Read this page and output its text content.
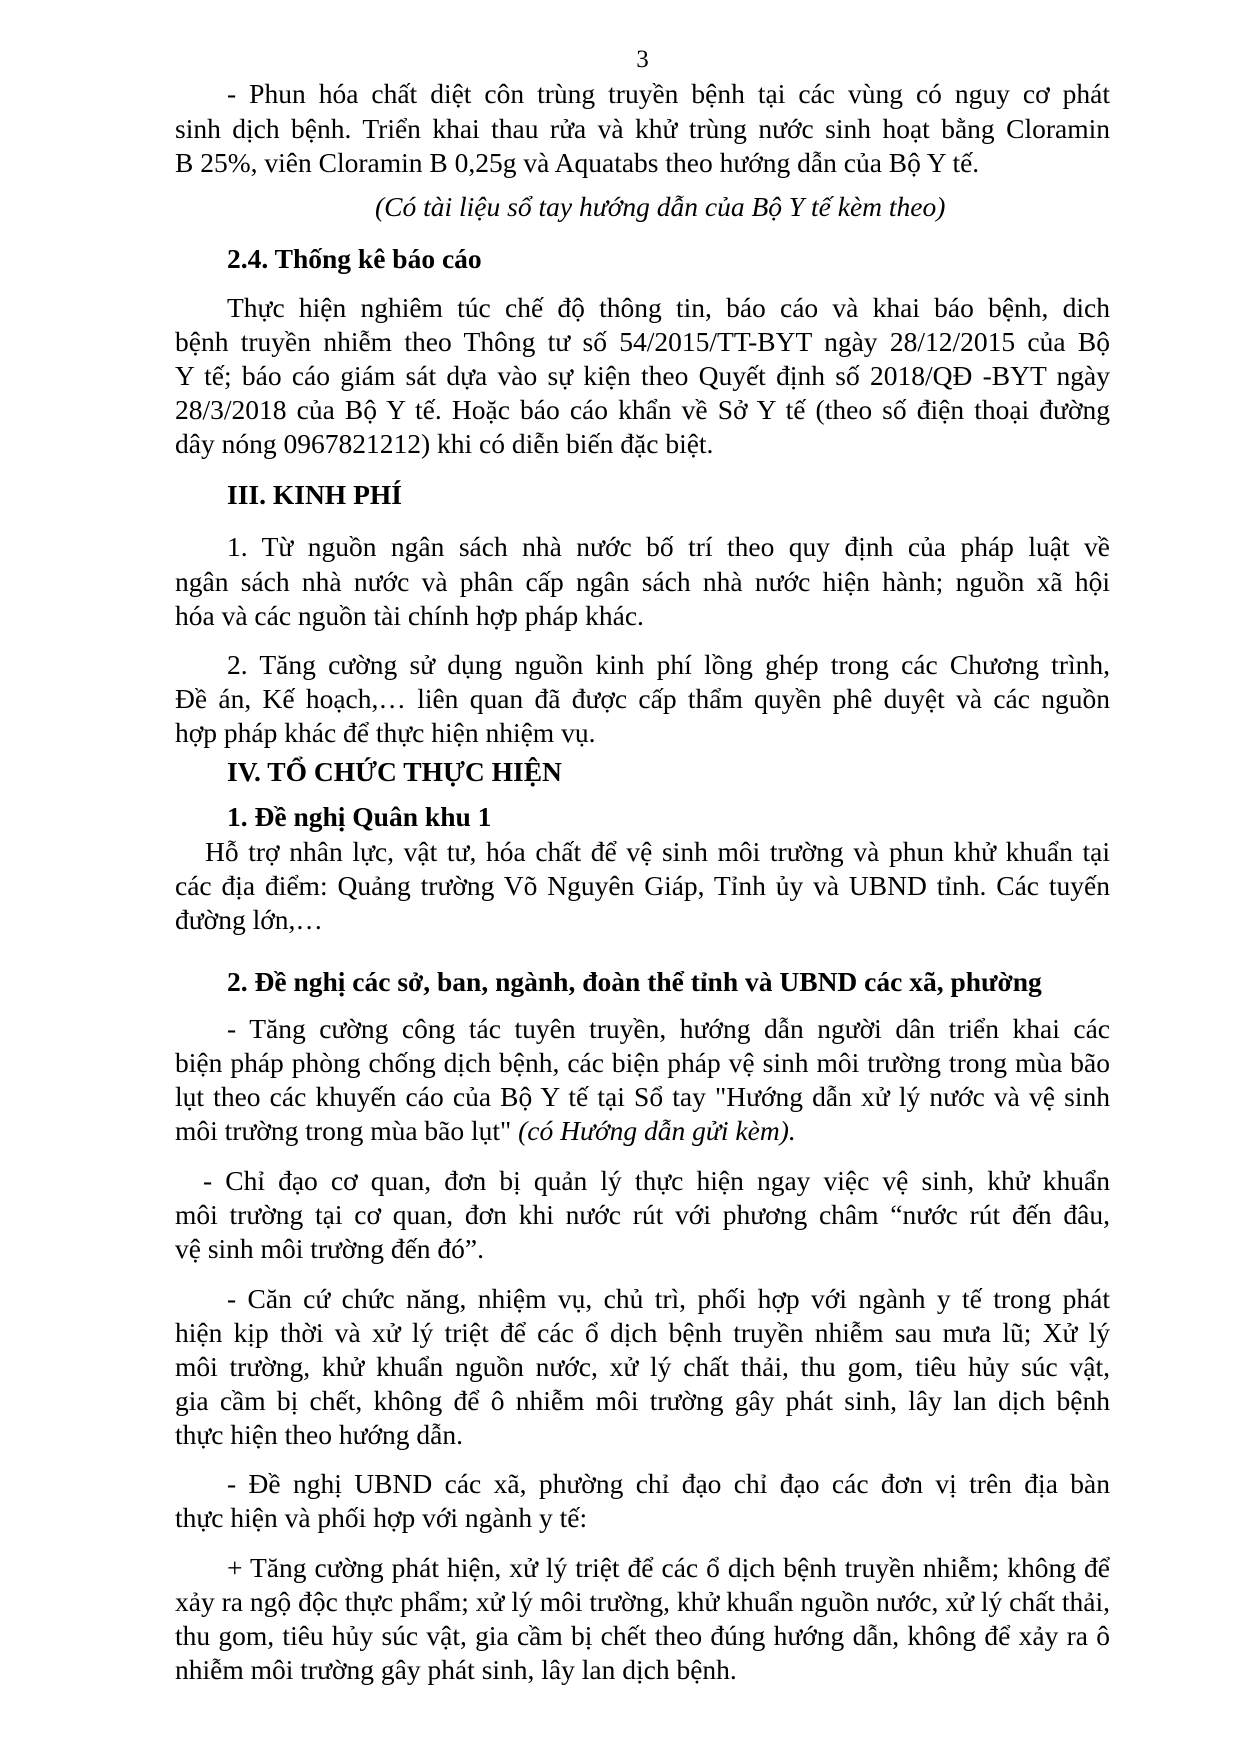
3
- Phun hóa chất diệt côn trùng truyền bệnh tại các vùng có nguy cơ phát
sinh dịch bệnh. Triển khai thau rửa và khử trùng nước sinh hoạt bằng Cloramin
B 25%, viên Cloramin B 0,25g và Aquatabs theo hướng dẫn của Bộ Y tế.
(Có tài liệu sổ tay hướng dẫn của Bộ Y tế kèm theo)
2.4. Thống kê báo cáo
Thực hiện nghiêm túc chế độ thông tin, báo cáo và khai báo bệnh, dich
bệnh truyền nhiễm theo Thông tư số 54/2015/TT-BYT ngày 28/12/2015 của Bộ
Y tế; báo cáo giám sát dựa vào sự kiện theo Quyết định số 2018/QĐ -BYT ngày
28/3/2018 của Bộ Y tế. Hoặc báo cáo khẩn về Sở Y tế (theo số điện thoại đường
dây nóng 0967821212) khi có diễn biến đặc biệt.
III. KINH PHÍ
1. Từ nguồn ngân sách nhà nước bố trí theo quy định của pháp luật về
ngân sách nhà nước và phân cấp ngân sách nhà nước hiện hành; nguồn xã hội
hóa và các nguồn tài chính hợp pháp khác.
2. Tăng cường sử dụng nguồn kinh phí lồng ghép trong các Chương trình,
Đề án, Kế hoạch,… liên quan đã được cấp thẩm quyền phê duyệt và các nguồn
hợp pháp khác để thực hiện nhiệm vụ.
IV. TỔ CHỨC THỰC HIỆN
1. Đề nghị Quân khu 1
Hỗ trợ nhân lực, vật tư, hóa chất để vệ sinh môi trường và phun khử khuẩn tại
các địa điểm: Quảng trường Võ Nguyên Giáp, Tỉnh ủy và UBND tỉnh. Các tuyến
đường lớn,…
2. Đề nghị các sở, ban, ngành, đoàn thể tỉnh và UBND các xã, phường
- Tăng cường công tác tuyên truyền, hướng dẫn người dân triển khai các
biện pháp phòng chống dịch bệnh, các biện pháp vệ sinh môi trường trong mùa bão
lụt theo các khuyến cáo của Bộ Y tế tại Sổ tay "Hướng dẫn xử lý nước và vệ sinh
môi trường trong mùa bão lụt" (có Hướng dẫn gửi kèm).
- Chỉ đạo cơ quan, đơn bị quản lý thực hiện ngay việc vệ sinh, khử khuẩn
môi trường tại cơ quan, đơn khi nước rút với phương châm “nước rút đến đâu,
vệ sinh môi trường đến đó”.
- Căn cứ chức năng, nhiệm vụ, chủ trì, phối hợp với ngành y tế trong phát
hiện kịp thời và xử lý triệt để các ổ dịch bệnh truyền nhiễm sau mưa lũ; Xử lý
môi trường, khử khuẩn nguồn nước, xử lý chất thải, thu gom, tiêu hủy súc vật,
gia cầm bị chết, không để ô nhiễm môi trường gây phát sinh, lây lan dịch bệnh
thực hiện theo hướng dẫn.
- Đề nghị UBND các xã, phường chỉ đạo chỉ đạo các đơn vị trên địa bàn
thực hiện và phối hợp với ngành y tế:
+ Tăng cường phát hiện, xử lý triệt để các ổ dịch bệnh truyền nhiễm; không để
xảy ra ngộ độc thực phẩm; xử lý môi trường, khử khuẩn nguồn nước, xử lý chất thải,
thu gom, tiêu hủy súc vật, gia cầm bị chết theo đúng hướng dẫn, không để xảy ra ô
nhiễm môi trường gây phát sinh, lây lan dịch bệnh.
